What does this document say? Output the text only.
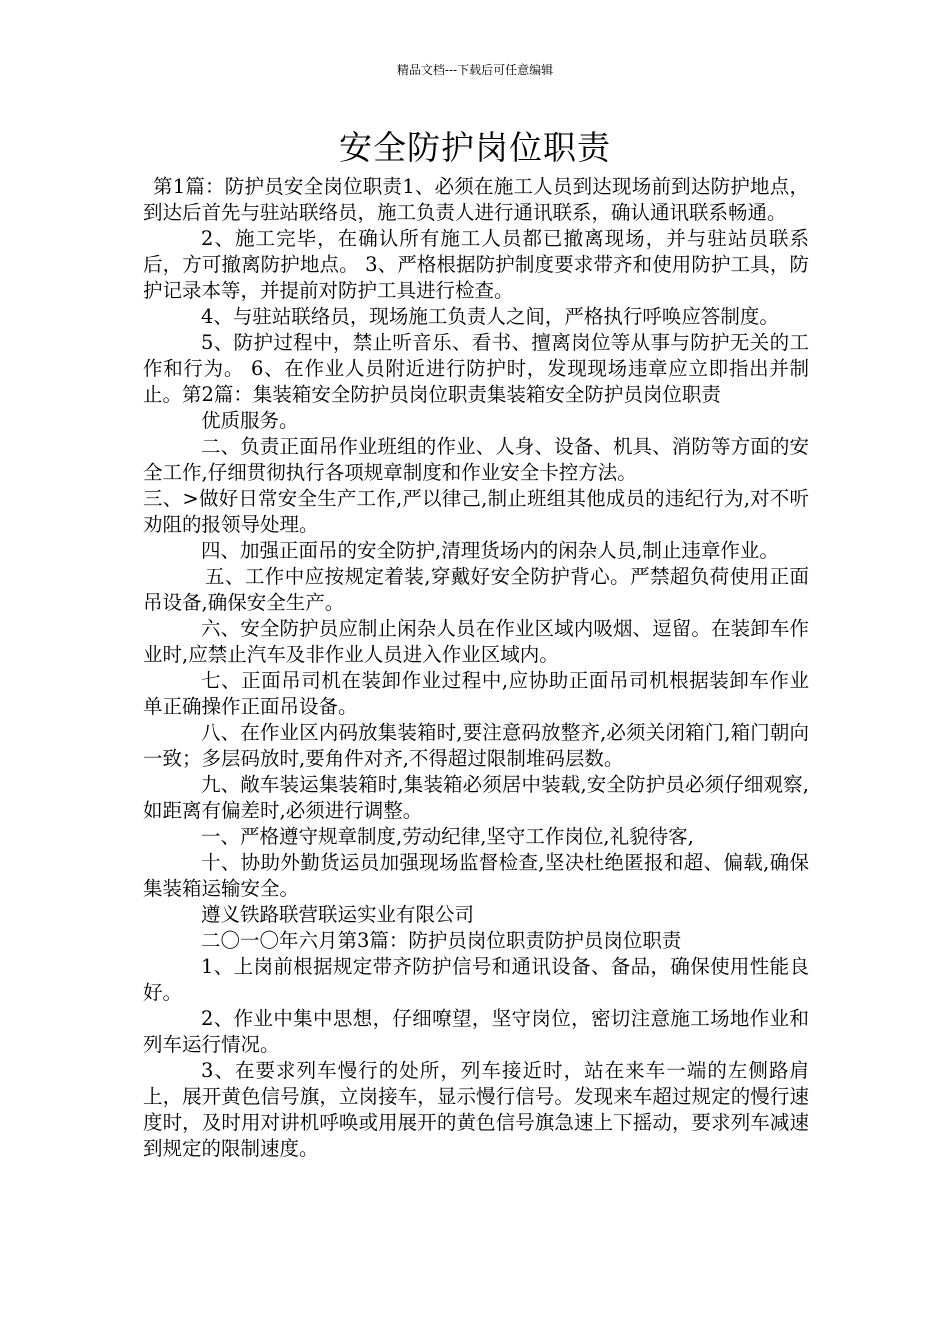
精品文档---下载后可任意编辑
安全防护岗位职责

第1篇：防护员安全岗位职责1、必须在施工人员到达现场前到达防护地点，到达后首先与驻站联络员，施工负责人进行通讯联系，确认通讯联系畅通。

2、施工完毕，在确认所有施工人员都已撤离现场，并与驻站员联系后，方可撤离防护地点。 3、严格根据防护制度要求带齐和使用防护工具，防护记录本等，并提前对防护工具进行检查。

4、与驻站联络员，现场施工负责人之间，严格执行呼唤应答制度。

5、防护过程中，禁止听音乐、看书、擅离岗位等从事与防护无关的工作和行为。 6、在作业人员附近进行防护时，发现现场违章应立即指出并制止。第2篇：集装箱安全防护员岗位职责集装箱安全防护员岗位职责

优质服务。

二、负责正面吊作业班组的作业、人身、设备、机具、消防等方面的安全工作,仔细贯彻执行各项规章制度和作业安全卡控方法。

三、>做好日常安全生产工作,严以律己,制止班组其他成员的违纪行为,对不听劝阻的报领导处理。

四、加强正面吊的安全防护,清理货场内的闲杂人员,制止违章作业。

五、工作中应按规定着装,穿戴好安全防护背心。严禁超负荷使用正面吊设备,确保安全生产。

六、安全防护员应制止闲杂人员在作业区域内吸烟、逗留。在装卸车作业时,应禁止汽车及非作业人员进入作业区域内。

七、正面吊司机在装卸作业过程中,应协助正面吊司机根据装卸车作业单正确操作正面吊设备。

八、在作业区内码放集装箱时,要注意码放整齐,必须关闭箱门,箱门朝向一致；多层码放时,要角件对齐,不得超过限制堆码层数。

九、敞车装运集装箱时,集装箱必须居中装载,安全防护员必须仔细观察,如距离有偏差时,必须进行调整。

一、严格遵守规章制度,劳动纪律,坚守工作岗位,礼貌待客,

十、协助外勤货运员加强现场监督检查,坚决杜绝匿报和超、偏载,确保集装箱运输安全。

遵义铁路联营联运实业有限公司

二〇一〇年六月第3篇：防护员岗位职责防护员岗位职责

1、上岗前根据规定带齐防护信号和通讯设备、备品，确保使用性能良好。

2、作业中集中思想，仔细嘹望，坚守岗位，密切注意施工场地作业和列车运行情况。

3、在要求列车慢行的处所，列车接近时，站在来车一端的左侧路肩上，展开黄色信号旗，立岗接车，显示慢行信号。发现来车超过规定的慢行速度时，及时用对讲机呼唤或用展开的黄色信号旗急速上下摇动，要求列车减速到规定的限制速度。
